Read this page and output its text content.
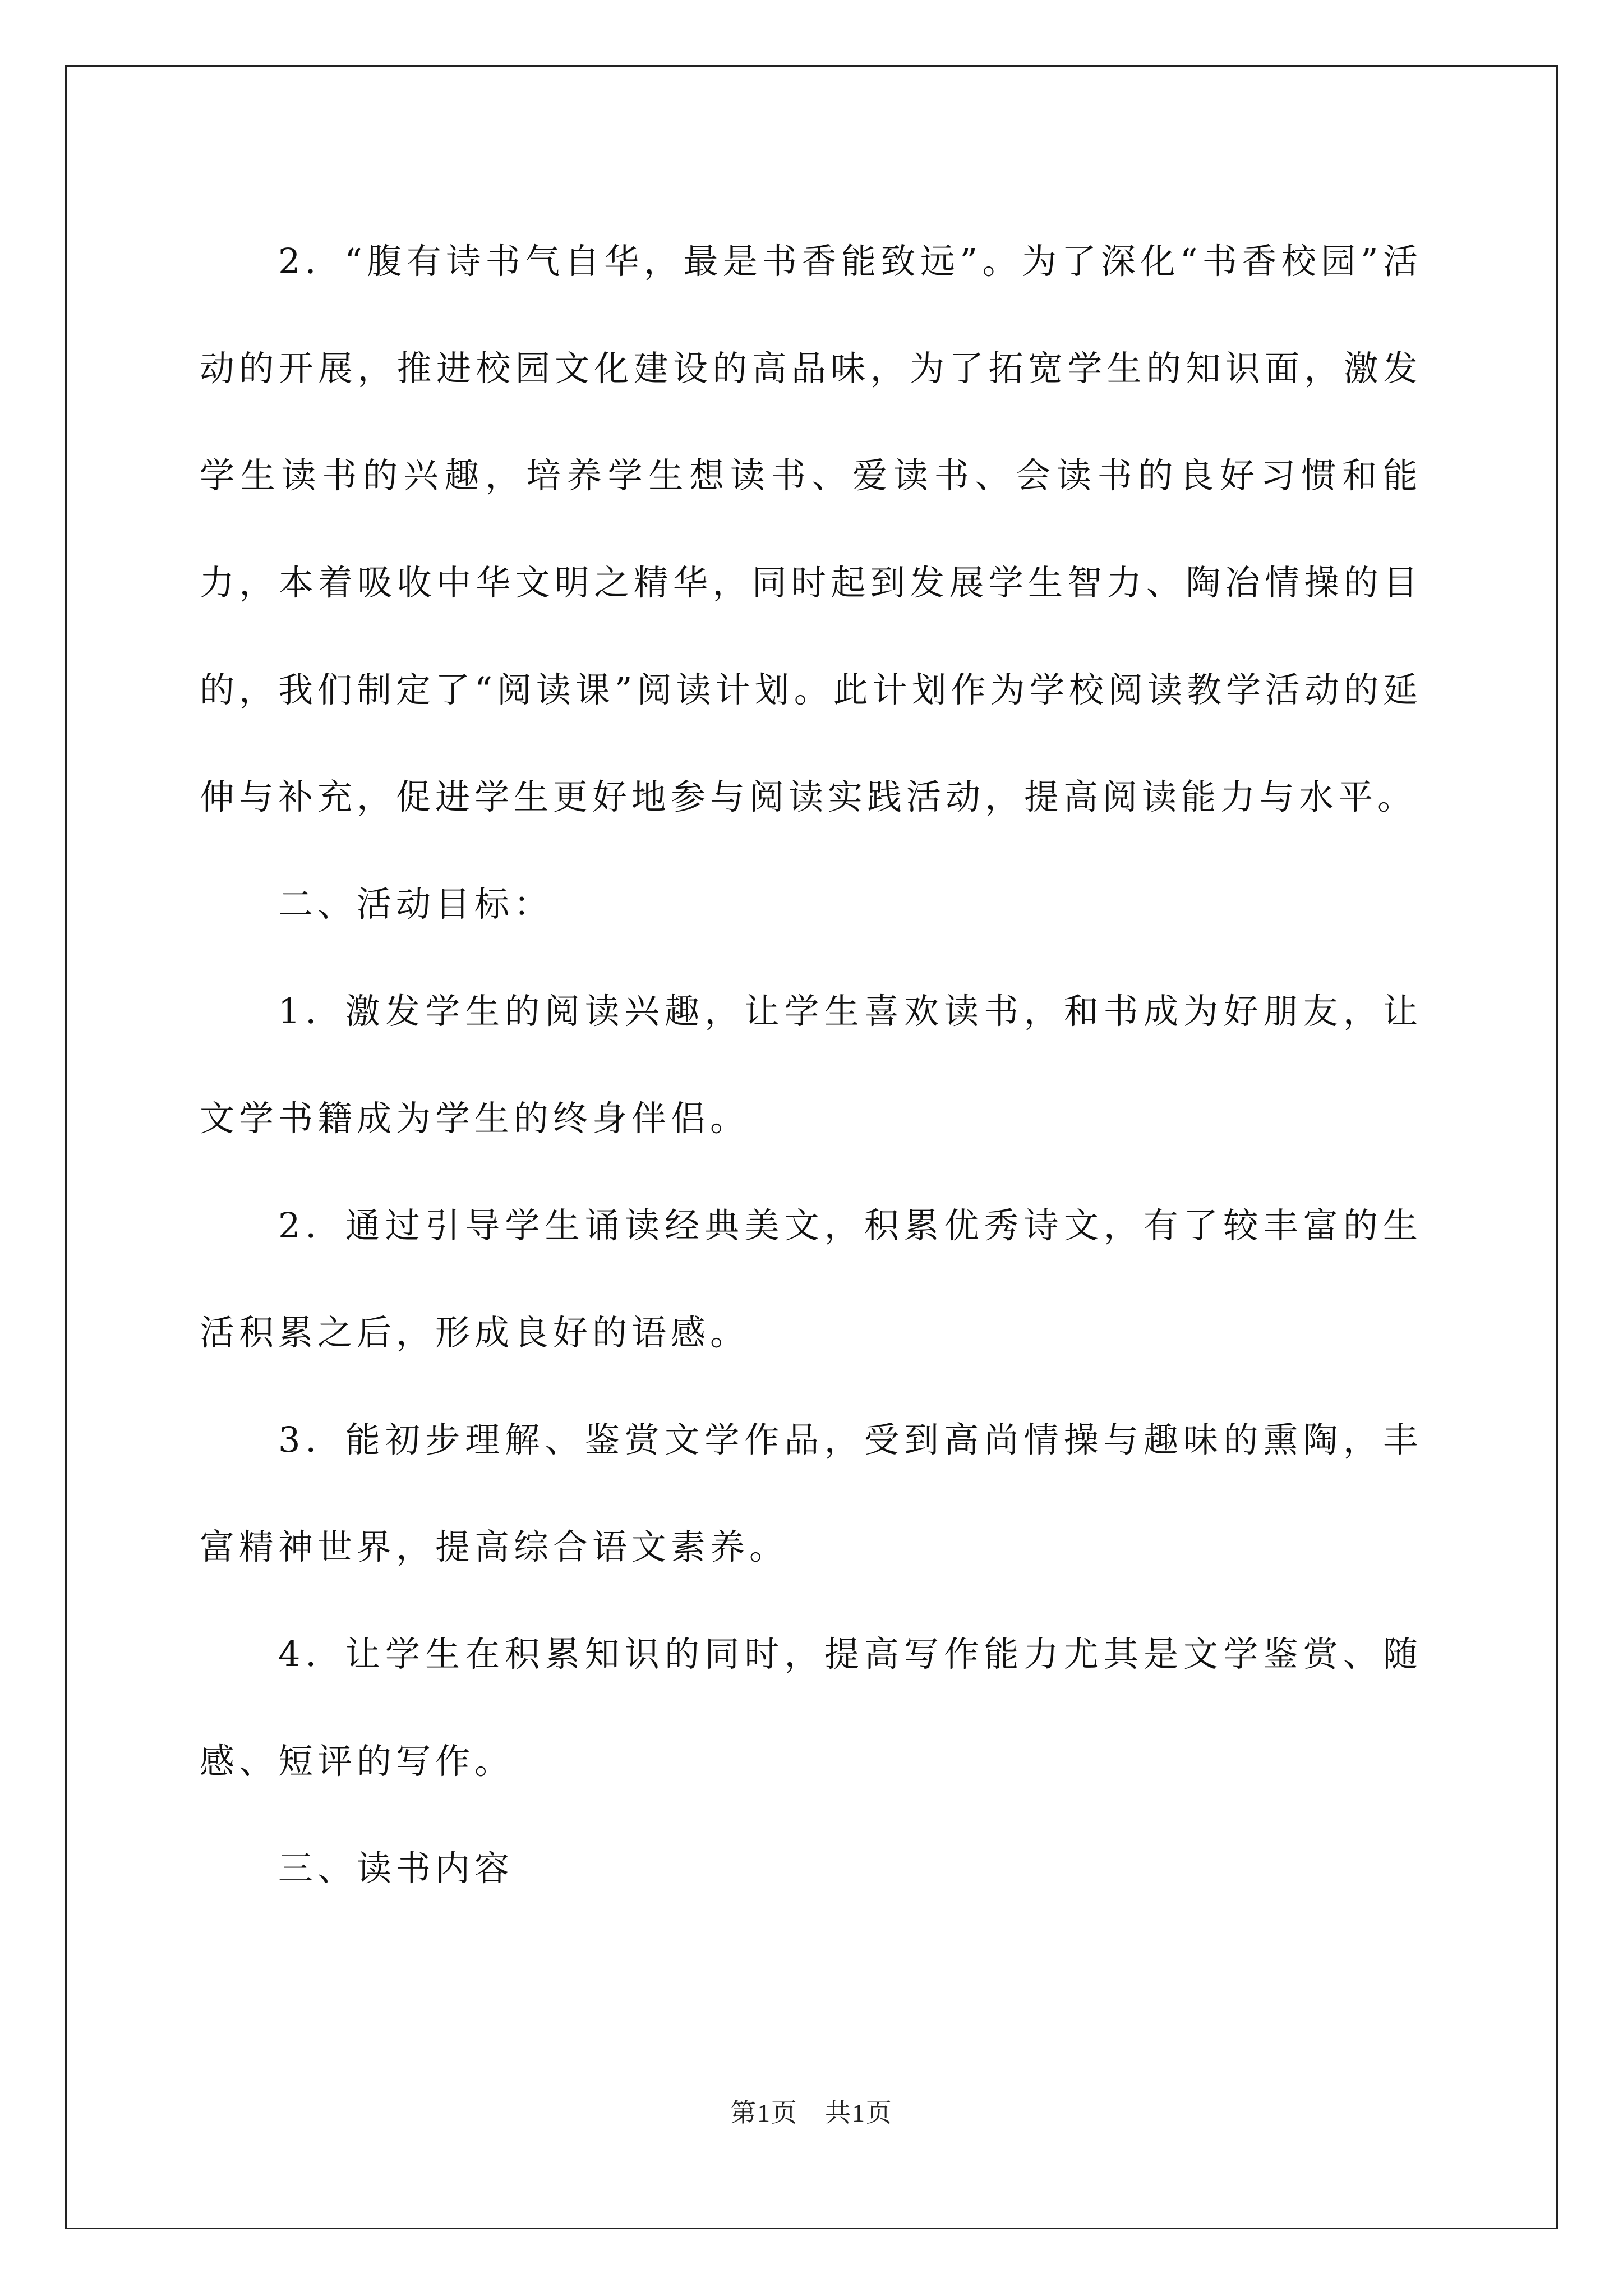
2．“腹有诗书气自华，最是书香能致远”。为了深化“书香校园”活动的开展，推进校园文化建设的高品味，为了拓宽学生的知识面，激发学生读书的兴趣，培养学生想读书、爱读书、会读书的良好习惯和能力，本着吸收中华文明之精华，同时起到发展学生智力、陶冶情操的目的，我们制定了“阅读课”阅读计划。此计划作为学校阅读教学活动的延伸与补充，促进学生更好地参与阅读实践活动，提高阅读能力与水平。

二、活动目标：

1．激发学生的阅读兴趣，让学生喜欢读书，和书成为好朋友，让文学书籍成为学生的终身伴侣。

2．通过引导学生诵读经典美文，积累优秀诗文，有了较丰富的生活积累之后，形成良好的语感。

3．能初步理解、鉴赏文学作品，受到高尚情操与趣味的熏陶，丰富精神世界，提高综合语文素养。

4．让学生在积累知识的同时，提高写作能力尤其是文学鉴赏、随感、短评的写作。

三、读书内容

第1页　共1页
